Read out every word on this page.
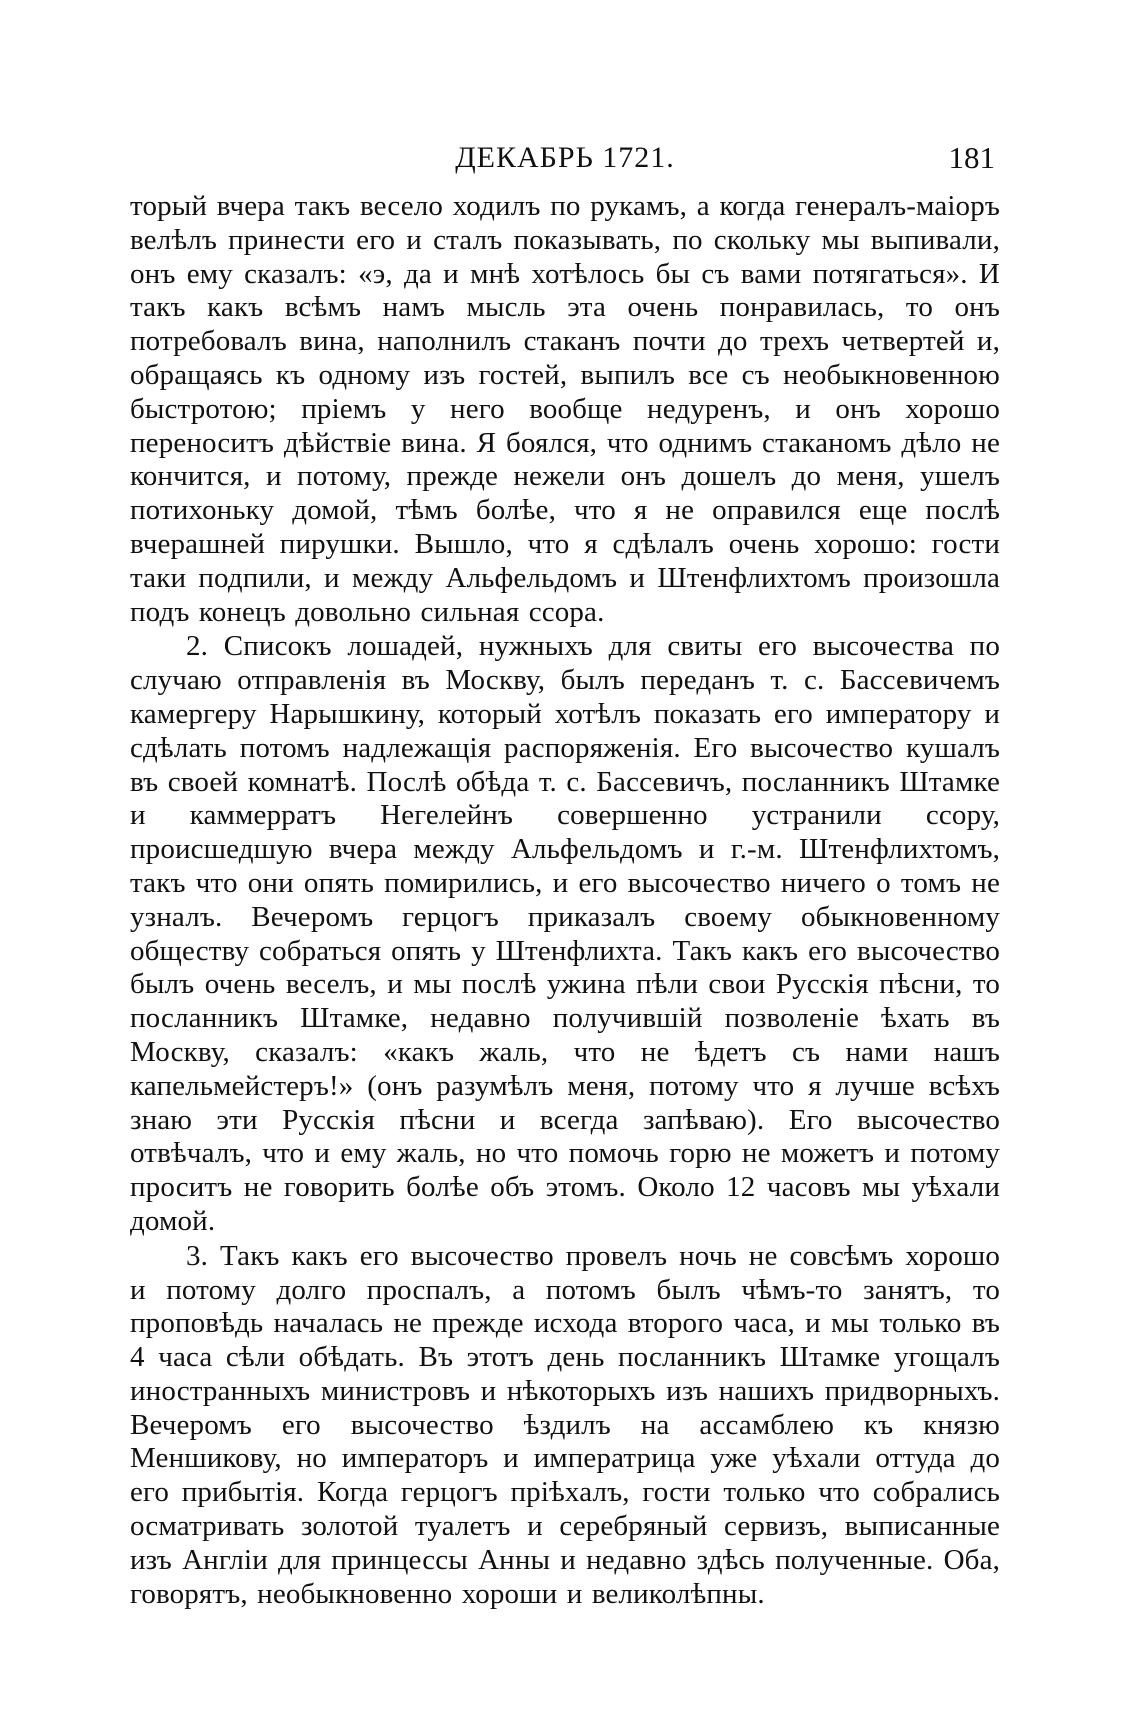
ДЕКАБРЬ 1721.	181

торый вчера такъ весело ходилъ по рукамъ, а когда генералъ-маiоръ велѣлъ принести его и сталъ показывать, по скольку мы выпивали, онъ ему сказалъ: «э, да и мнѣ хотѣлось бы съ вами потягаться». И такъ какъ всѣмъ намъ мысль эта очень понравилась, то онъ потребовалъ вина, наполнилъ стаканъ почти до трехъ четвертей и, обращаясь къ одному изъ гостей, выпилъ все съ необыкновенною быстротою; прiемъ у него вообще недуренъ, и онъ хорошо переноситъ дѣйствiе вина. Я боялся, что однимъ стаканомъ дѣло не кончится, и потому, прежде нежели онъ дошелъ до меня, ушелъ потихоньку домой, тѣмъ болѣе, что я не оправился еще послѣ вчерашней пирушки. Вышло, что я сдѣлалъ очень хорошо: гости таки подпили, и между Альфельдомъ и Штенфлихтомъ произошла подъ конецъ довольно сильная ссора.

2. Списокъ лошадей, нужныхъ для свиты его высочества по случаю отправленiя въ Москву, былъ переданъ т. с. Бассевичемъ камергеру Нарышкину, который хотѣлъ показать его императору и сдѣлать потомъ надлежащiя распоряженiя. Его высочество кушалъ въ своей комнатѣ. Послѣ обѣда т. с. Бассевичъ, посланникъ Штамке и каммерратъ Негелейнъ совершенно устранили ссору, происшедшую вчера между Альфельдомъ и г.-м. Штенфлихтомъ, такъ что они опять помирились, и его высочество ничего о томъ не узналъ. Вечеромъ герцогъ приказалъ своему обыкновенному обществу собраться опять у Штенфлихта. Такъ какъ его высочество былъ очень веселъ, и мы послѣ ужина пѣли свои Русскiя пѣсни, то посланникъ Штамке, недавно получившiй позволенiе ѣхать въ Москву, сказалъ: «какъ жаль, что не ѣдетъ съ нами нашъ капельмейстеръ!» (онъ разумѣлъ меня, потому что я лучше всѣхъ знаю эти Русскiя пѣсни и всегда запѣваю). Его высочество отвѣчалъ, что и ему жаль, но что помочь горю не можетъ и потому проситъ не говорить болѣе объ этомъ. Около 12 часовъ мы уѣхали домой.

3. Такъ какъ его высочество провелъ ночь не совсѣмъ хорошо и потому долго проспалъ, а потомъ былъ чѣмъ-то занятъ, то проповѣдь началась не прежде исхода второго часа, и мы только въ 4 часа сѣли обѣдать. Въ этотъ день посланникъ Штамке угощалъ иностранныхъ министровъ и нѣкоторыхъ изъ нашихъ придворныхъ. Вечеромъ его высочество ѣздилъ на ассамблею къ князю Меншикову, но императоръ и императрица уже уѣхали оттуда до его прибытiя. Когда герцогъ прiѣхалъ, гости только что собрались осматривать золотой туалетъ и серебряный сервизъ, выписанные изъ Англiи для принцессы Анны и недавно здѣсь полученные. Оба, говорятъ, необыкновенно хороши и великолѣпны.
